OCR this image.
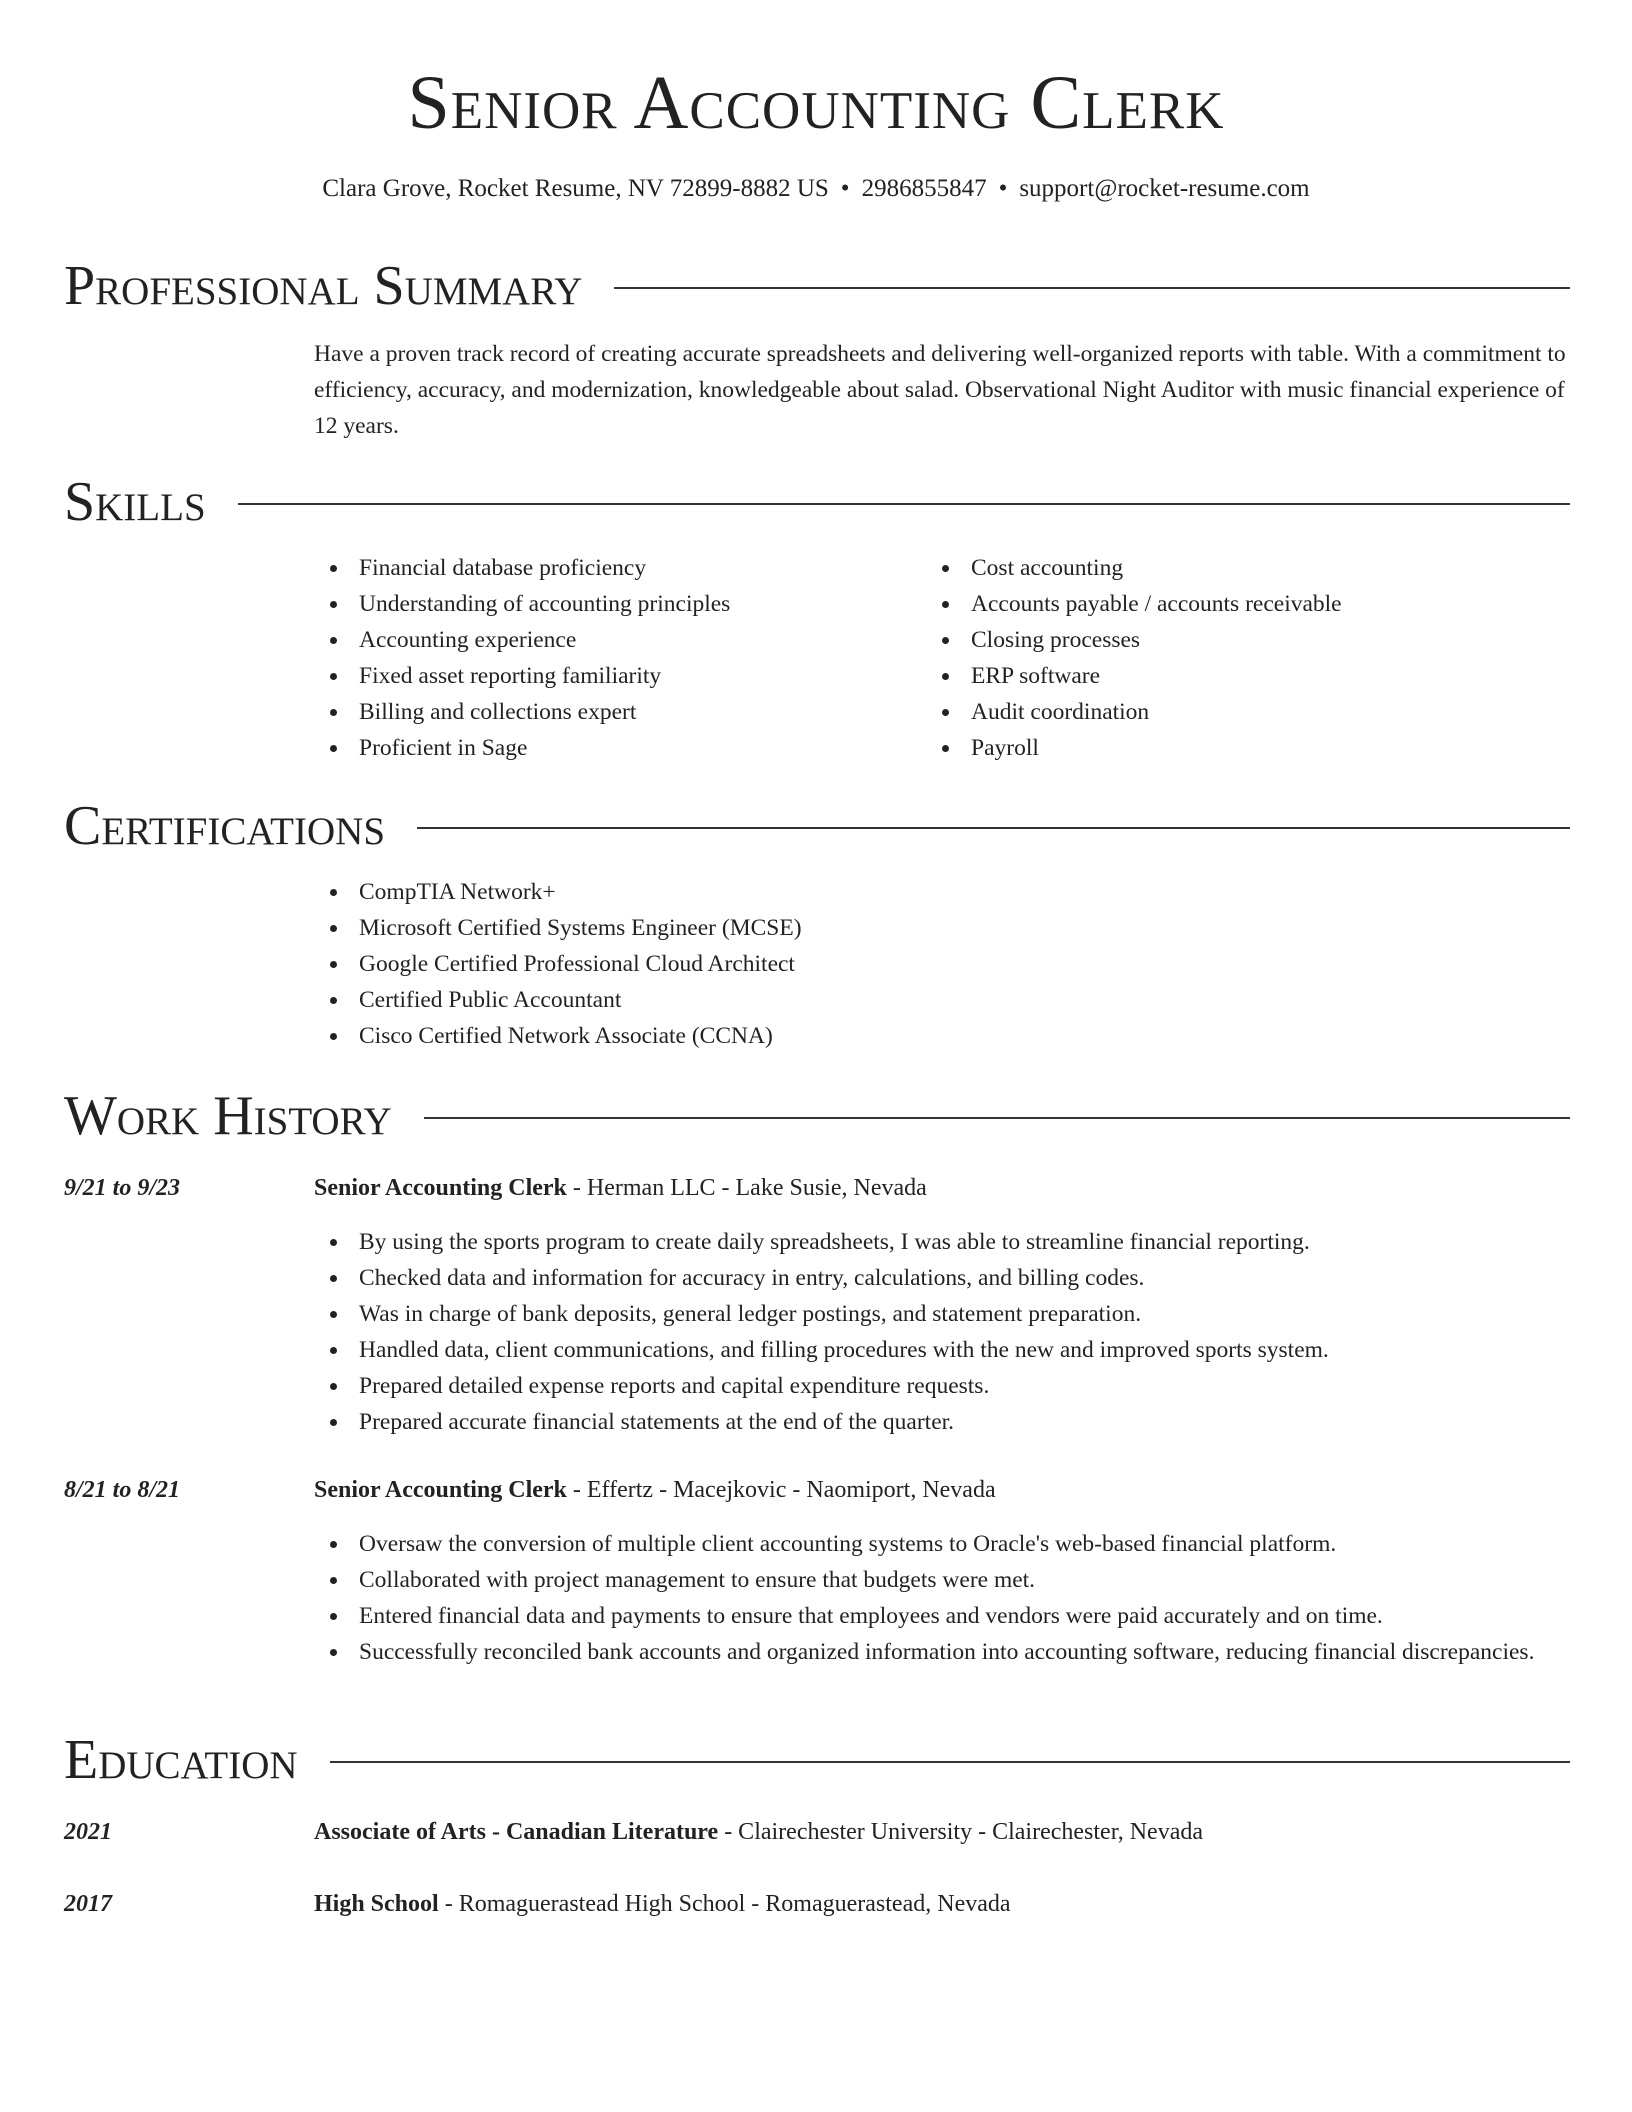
Senior Accounting Clerk
Clara Grove, Rocket Resume, NV 72899-8882 US • 2986855847 • support@rocket-resume.com
Professional Summary

Have a proven track record of creating accurate spreadsheets and delivering well-organized reports with table. With a commitment to efficiency, accuracy, and modernization, knowledgeable about salad. Observational Night Auditor with music financial experience of 12 years.

Skills
Financial database proficiency
Understanding of accounting principles
Accounting experience
Fixed asset reporting familiarity
Billing and collections expert
Proficient in Sage
Cost accounting
Accounts payable / accounts receivable
Closing processes
ERP software
Audit coordination
Payroll
Certifications
CompTIA Network+
Microsoft Certified Systems Engineer (MCSE)
Google Certified Professional Cloud Architect
Certified Public Accountant
Cisco Certified Network Associate (CCNA)
Work History
9/21 to 9/23	Senior Accounting Clerk - Herman LLC - Lake Susie, Nevada
By using the sports program to create daily spreadsheets, I was able to streamline financial reporting.
Checked data and information for accuracy in entry, calculations, and billing codes.
Was in charge of bank deposits, general ledger postings, and statement preparation.
Handled data, client communications, and filling procedures with the new and improved sports system.
Prepared detailed expense reports and capital expenditure requests.
Prepared accurate financial statements at the end of the quarter.
8/21 to 8/21	Senior Accounting Clerk - Effertz - Macejkovic - Naomiport, Nevada
Oversaw the conversion of multiple client accounting systems to Oracle's web-based financial platform.
Collaborated with project management to ensure that budgets were met.
Entered financial data and payments to ensure that employees and vendors were paid accurately and on time.
Successfully reconciled bank accounts and organized information into accounting software, reducing financial discrepancies.
Education
2021	Associate of Arts - Canadian Literature - Clairechester University - Clairechester, Nevada
2017	High School - Romaguerastead High School - Romaguerastead, Nevada
